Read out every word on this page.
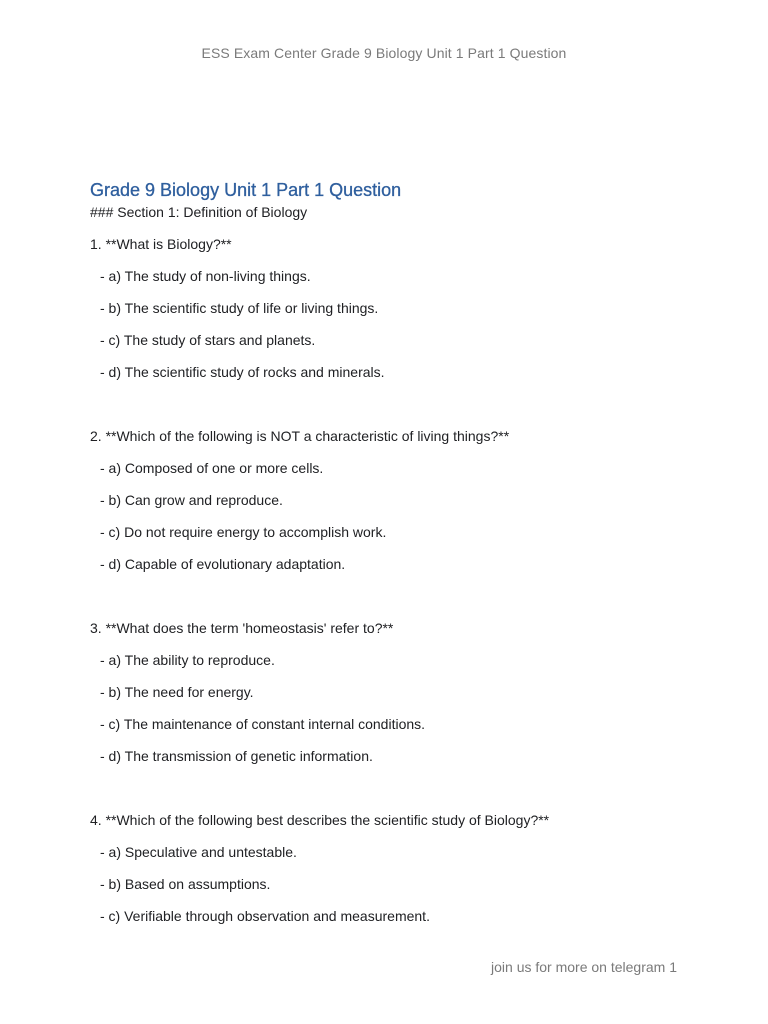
ESS Exam Center Grade 9 Biology Unit 1 Part 1 Question
Grade 9 Biology Unit 1 Part 1 Question

### Section 1: Definition of Biology

1. **What is Biology?**

- a) The study of non-living things.
- b) The scientific study of life or living things.
- c) The study of stars and planets.
- d) The scientific study of rocks and minerals.

2. **Which of the following is NOT a characteristic of living things?**

- a) Composed of one or more cells.
- b) Can grow and reproduce.
- c) Do not require energy to accomplish work.
- d) Capable of evolutionary adaptation.

3. **What does the term 'homeostasis' refer to?**

- a) The ability to reproduce.
- b) The need for energy.
- c) The maintenance of constant internal conditions.
- d) The transmission of genetic information.

4. **Which of the following best describes the scientific study of Biology?**

- a) Speculative and untestable.
- b) Based on assumptions.
- c) Verifiable through observation and measurement.
join us for more on telegram 1
